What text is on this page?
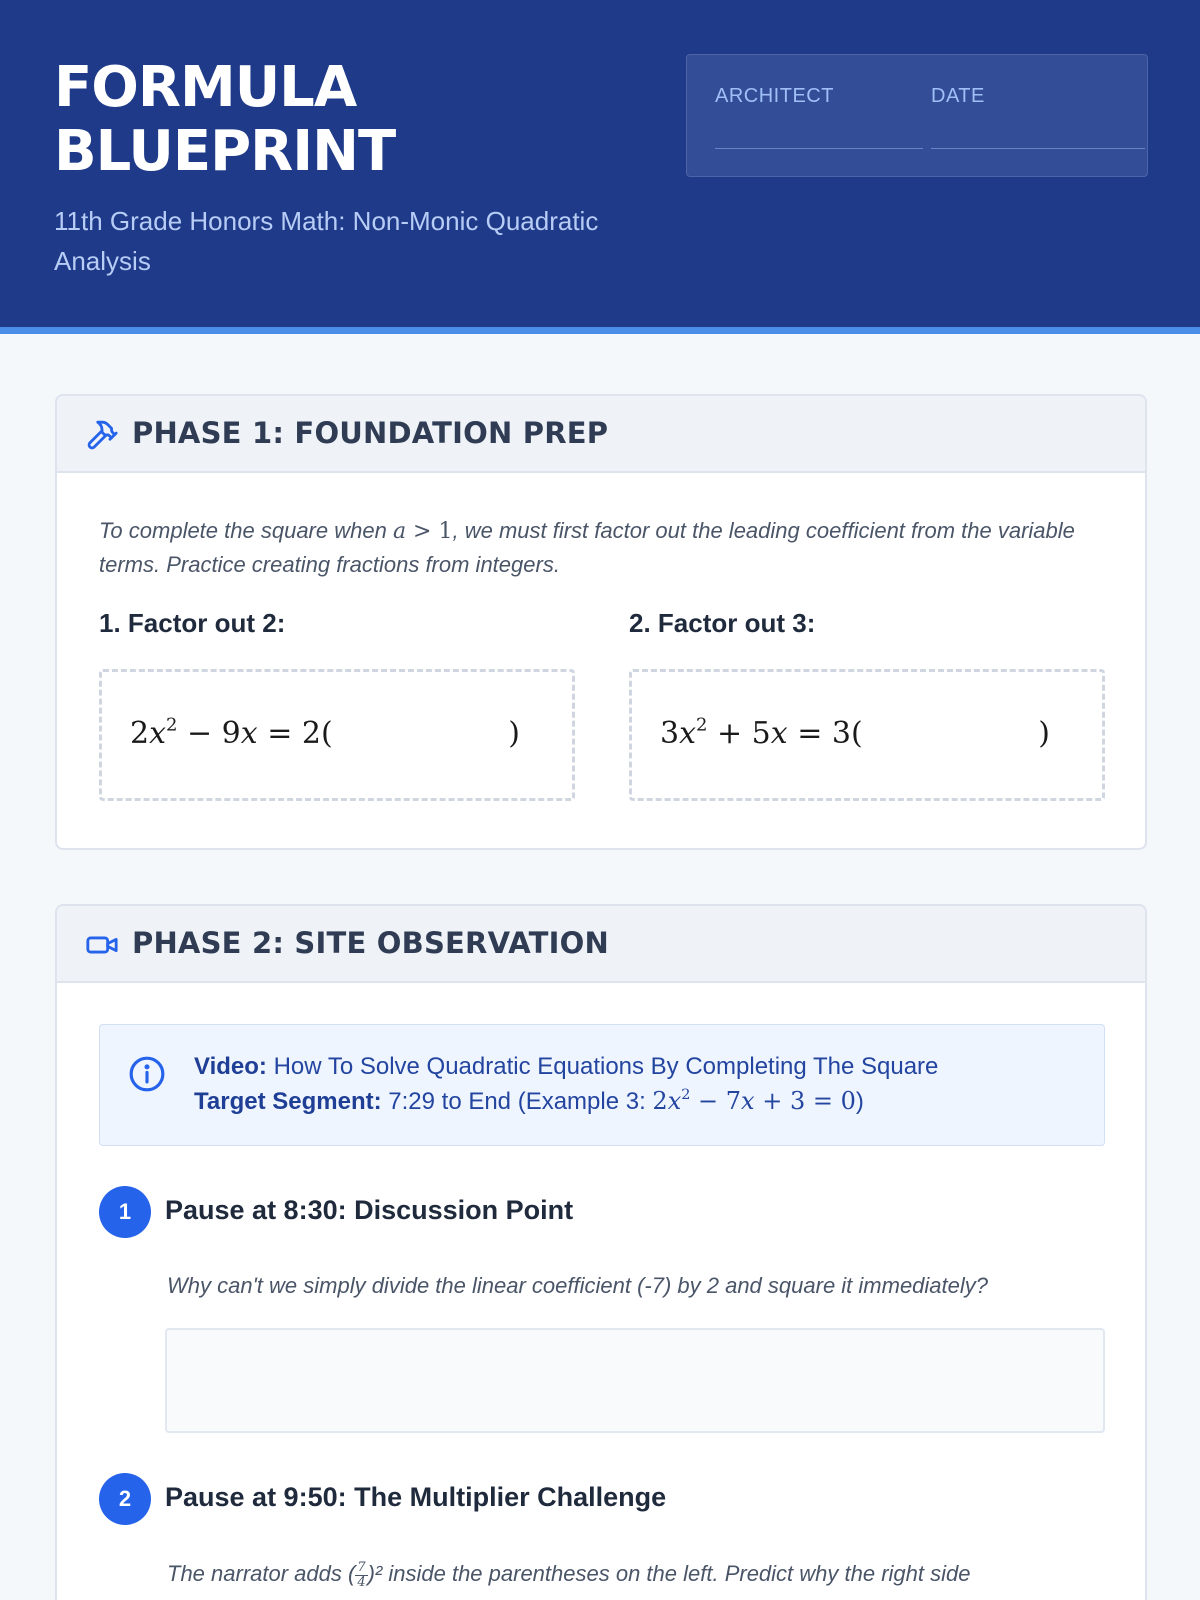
FORMULA
BLUEPRINT
11th Grade Honors Math: Non-Monic Quadratic Analysis
ARCHITECT	DATE
PHASE 1: FOUNDATION PREP
To complete the square when a > 1, we must first factor out the leading coefficient from the variable terms. Practice creating fractions from integers.
1. Factor out 2:	2. Factor out 3:
$2x^2 - 9x = 2$(	)	$3x^2 + 5x = 3$(	)
PHASE 2: SITE OBSERVATION
Video: How To Solve Quadratic Equations By Completing The Square
Target Segment: 7:29 to End (Example 3: $2x^2 - 7x + 3 = 0$)
1	Pause at 8:30: Discussion Point
Why can't we simply divide the linear coefficient (-7) by 2 and square it immediately?
2	Pause at 9:50: The Multiplier Challenge
The narrator adds ( $\frac{7}{4} )^2$ inside the parentheses on the left. Predict why the right side
